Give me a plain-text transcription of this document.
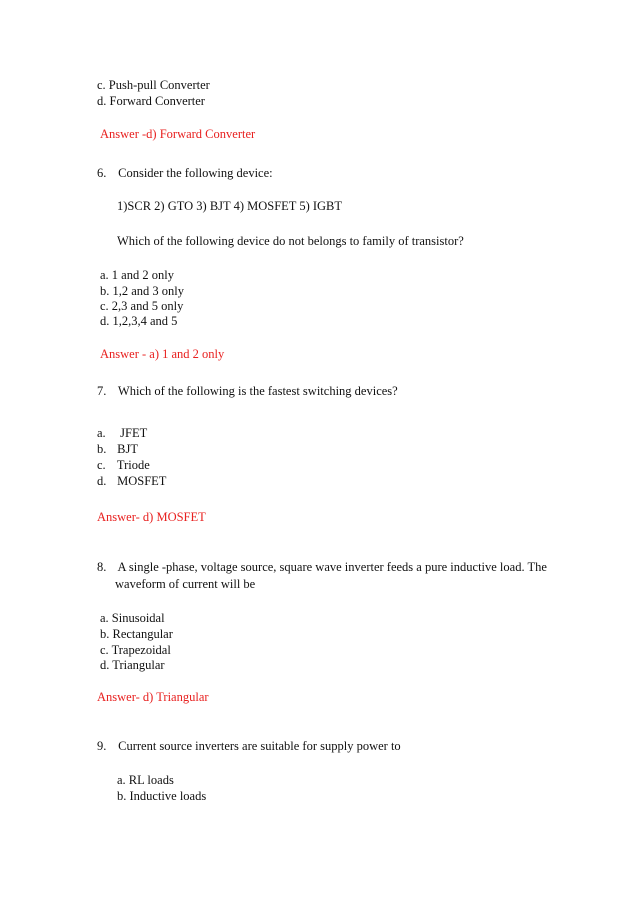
c. Push-pull Converter
d. Forward Converter
Answer -d) Forward Converter
6. Consider the following device:
1)SCR 2) GTO 3) BJT 4) MOSFET 5) IGBT
Which of the following device do not belongs to family of transistor?
a. 1 and 2 only
b. 1,2 and 3 only
c. 2,3 and 5 only
d. 1,2,3,4 and 5
Answer - a) 1 and 2 only
7. Which of the following is the fastest switching devices?
a. JFET
b. BJT
c. Triode
d. MOSFET
Answer- d) MOSFET
8. A single -phase, voltage source, square wave inverter feeds a pure inductive load. The
waveform of current will be
a. Sinusoidal
b. Rectangular
c. Trapezoidal
d. Triangular
Answer- d) Triangular
9. Current source inverters are suitable for supply power to
a. RL loads
b. Inductive loads
